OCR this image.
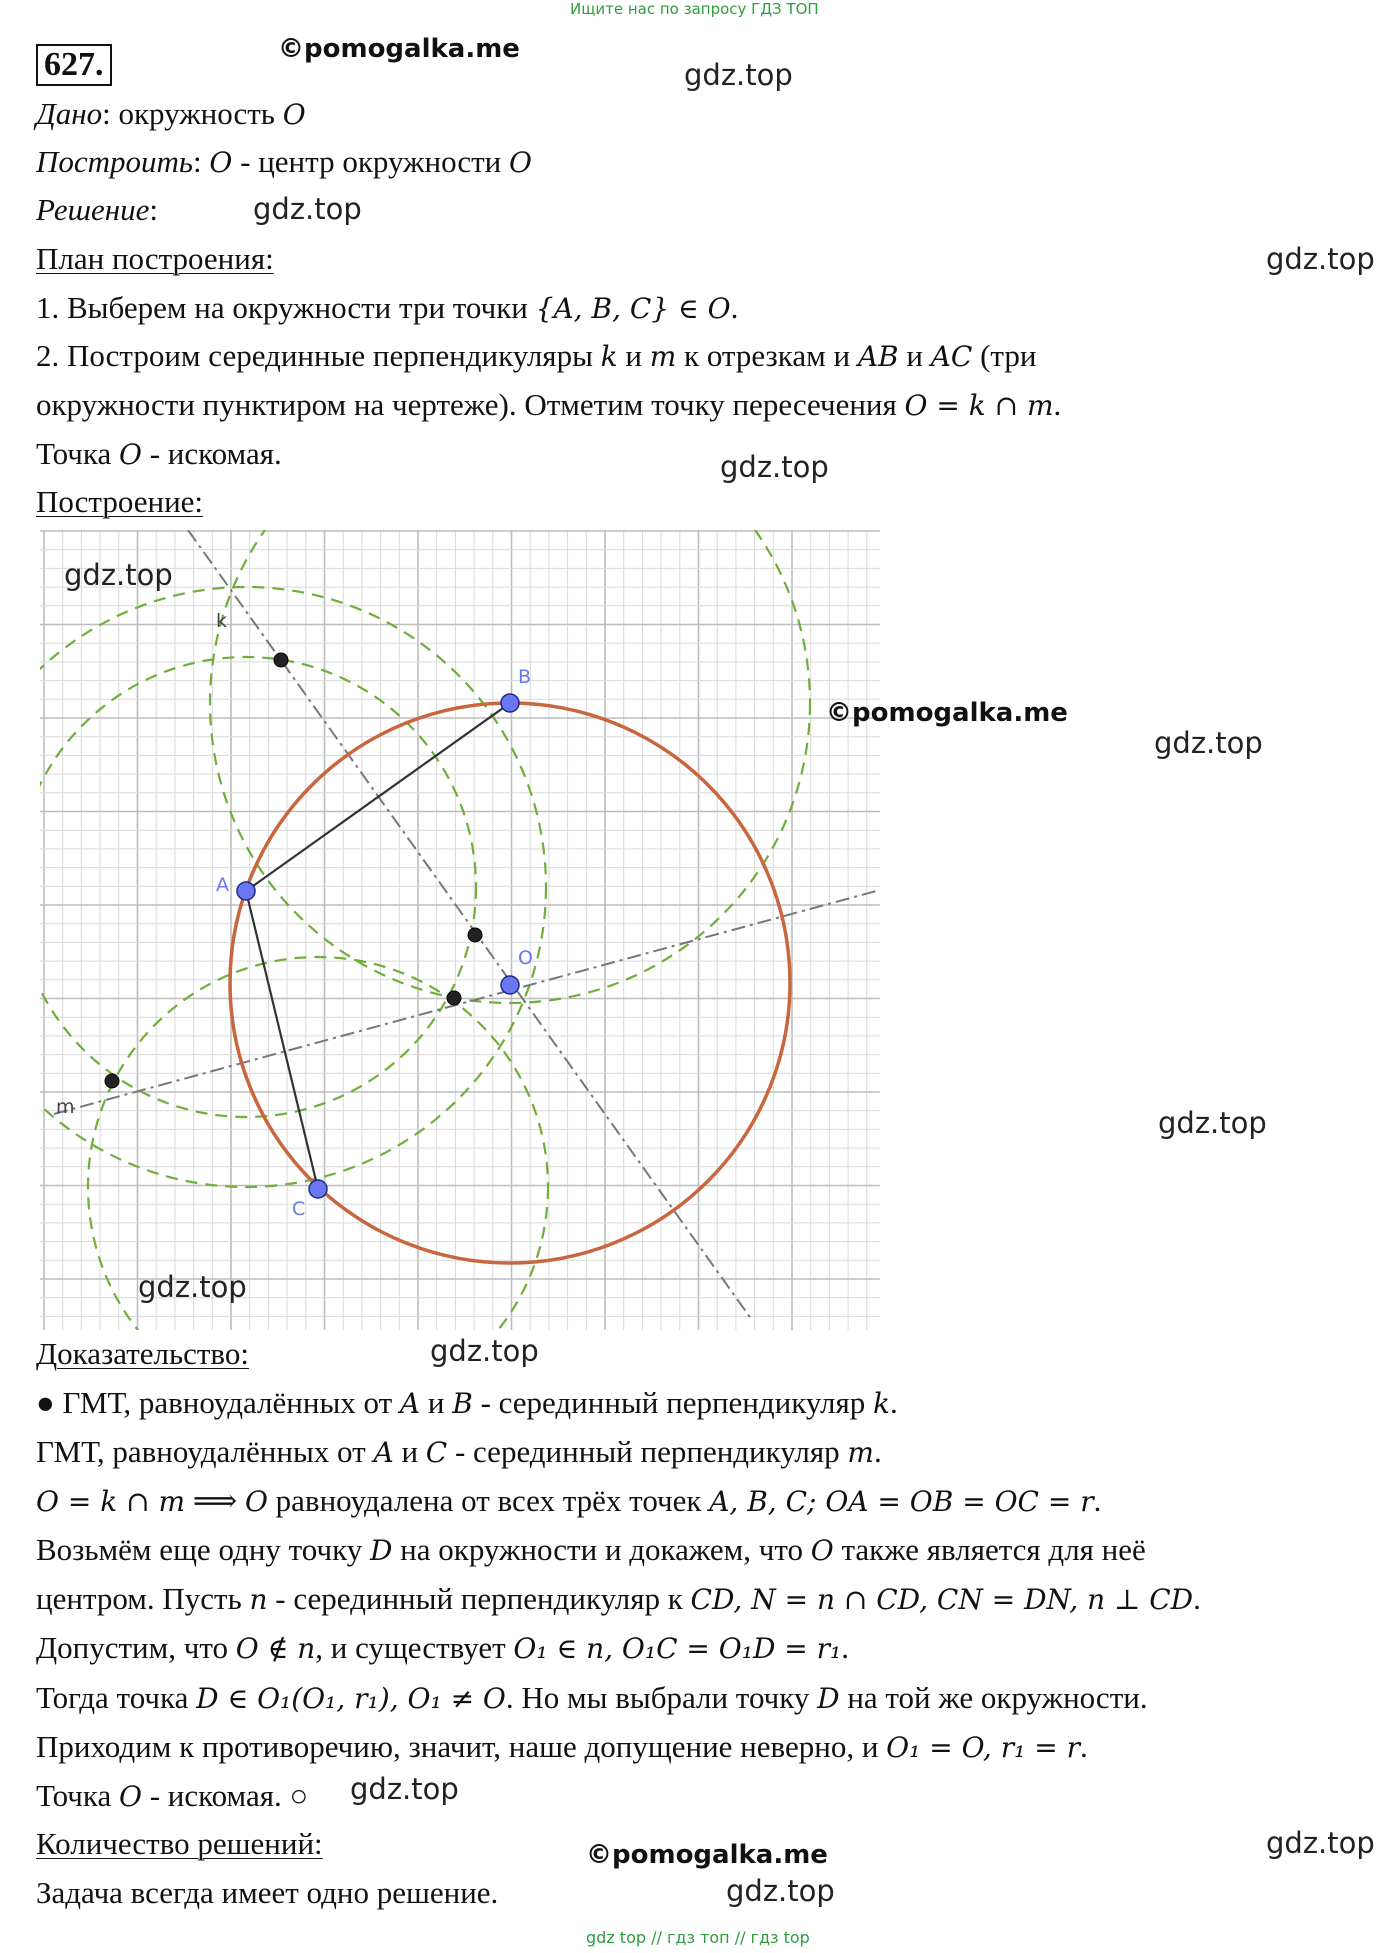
Ищите нас по запросу ГДЗ ТОП
627.	©pomogalka.me
gdz.top
Дано: окружность O
Построить: O - центр окружности O
Решение:	gdz.top
План построения:	gdz.top
1. Выберем на окружности три точки {A, B, C} ∈ O.
2. Построим серединные перпендикуляры k и m к отрезкам и AB и AC (три
окружности пунктиром на чертеже). Отметим точку пересечения O = k ∩ m.
Точка O - искомая.	gdz.top
Построение:
A
B
C
O
k
m
gdz.top
©pomogalka.me
gdz.top
gdz.top
gdz.top
Доказательство:	gdz.top
● ГМТ, равноудалённых от A и B - серединный перпендикуляр k.
ГМТ, равноудалённых от A и C - серединный перпендикуляр m.
O = k ∩ m ⟹ O равноудалена от всех трёх точек A, B, C; OA = OB = OC = r.
Возьмём еще одну точку D на окружности и докажем, что O также является для неё
центром. Пусть n - серединный перпендикуляр к CD, N = n ∩ CD, CN = DN, n ⊥ CD.
Допустим, что O ∉ n, и существует O₁ ∈ n, O₁C = O₁D = r₁.
Тогда точка D ∈ O₁(O₁, r₁), O₁ ≠ O. Но мы выбрали точку D на той же окружности.
Приходим к противоречию, значит, наше допущение неверно, и O₁ = O, r₁ = r.
Точка O - искомая. ○ gdz.top
Количество решений:	gdz.top
©pomogalka.me
Задача всегда имеет одно решение.	gdz.top
gdz top // гдз топ // гдз top
